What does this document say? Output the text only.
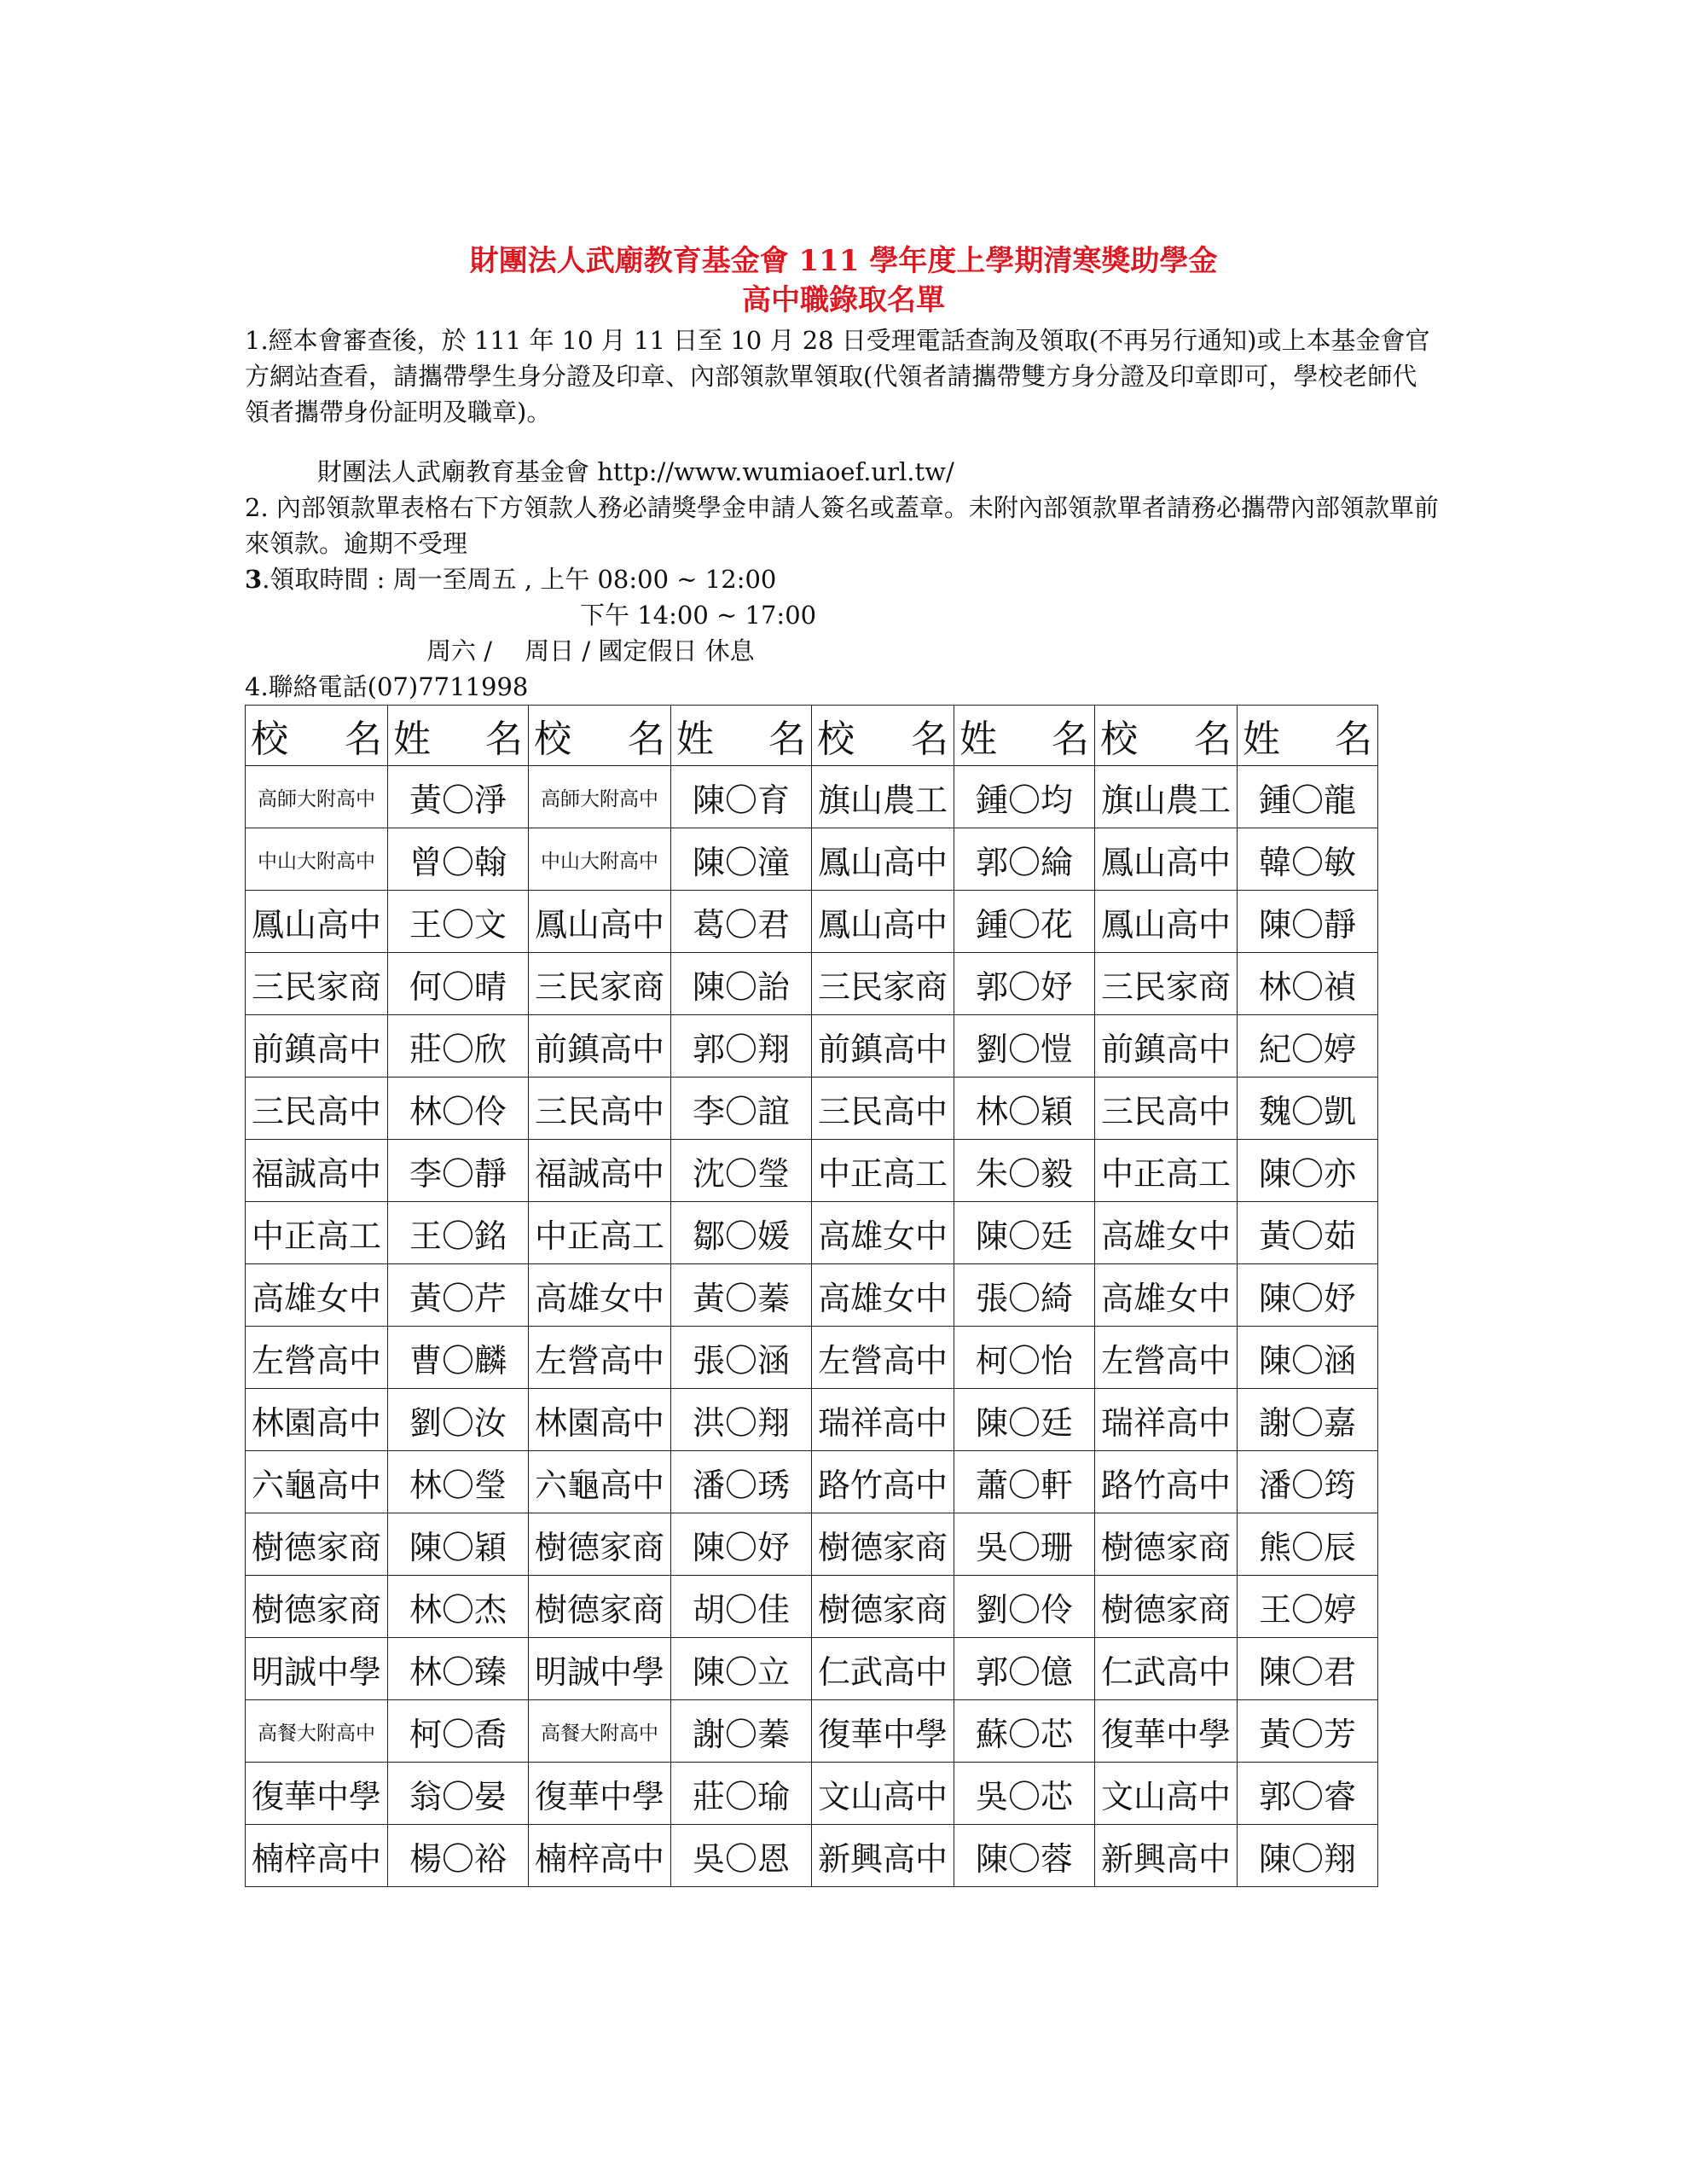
財團法人武廟教育基金會 111 學年度上學期清寒獎助學金
高中職錄取名單
1.經本會審查後，於 111 年 10 月 11 日至 10 月 28 日受理電話查詢及領取(不再另行通知)或上本基金會官方網站查看，請攜帶學生身分證及印章、內部領款單領取(代領者請攜帶雙方身分證及印章即可，學校老師代領者攜帶身份証明及職章)。
財團法人武廟教育基金會 http://www.wumiaoef.url.tw/
2. 內部領款單表格右下方領款人務必請獎學金申請人簽名或蓋章。未附內部領款單者請務必攜帶內部領款單前來領款。逾期不受理
3.領取時間 : 周一至周五 , 上午 08:00 ~ 12:00
下午 14:00 ~ 17:00
周六 /　 周日 / 國定假日 休息
4.聯絡電話(07)7711998
校 名	姓 名	校 名	姓 名	校 名	姓 名	校 名	姓 名

高師大附高中	黃〇淨	高師大附高中	陳〇育	旗山農工	鍾〇均	旗山農工	鍾〇龍
中山大附高中	曾〇翰	中山大附高中	陳〇潼	鳳山高中	郭〇綸	鳳山高中	韓〇敏
鳳山高中	王〇文	鳳山高中	葛〇君	鳳山高中	鍾〇花	鳳山高中	陳〇靜
三民家商	何〇晴	三民家商	陳〇詒	三民家商	郭〇妤	三民家商	林〇禎
前鎮高中	莊〇欣	前鎮高中	郭〇翔	前鎮高中	劉〇愷	前鎮高中	紀〇婷
三民高中	林〇伶	三民高中	李〇誼	三民高中	林〇穎	三民高中	魏〇凱
福誠高中	李〇靜	福誠高中	沈〇瑩	中正高工	朱〇毅	中正高工	陳〇亦
中正高工	王〇銘	中正高工	鄒〇媛	高雄女中	陳〇廷	高雄女中	黃〇茹
高雄女中	黃〇芹	高雄女中	黃〇蓁	高雄女中	張〇綺	高雄女中	陳〇妤
左營高中	曹〇麟	左營高中	張〇涵	左營高中	柯〇怡	左營高中	陳〇涵
林園高中	劉〇汝	林園高中	洪〇翔	瑞祥高中	陳〇廷	瑞祥高中	謝〇嘉
六龜高中	林〇瑩	六龜高中	潘〇琇	路竹高中	蕭〇軒	路竹高中	潘〇筠
樹德家商	陳〇穎	樹德家商	陳〇妤	樹德家商	吳〇珊	樹德家商	熊〇辰
樹德家商	林〇杰	樹德家商	胡〇佳	樹德家商	劉〇伶	樹德家商	王〇婷
明誠中學	林〇臻	明誠中學	陳〇立	仁武高中	郭〇億	仁武高中	陳〇君
高餐大附高中	柯〇喬	高餐大附高中	謝〇蓁	復華中學	蘇〇芯	復華中學	黃〇芳
復華中學	翁〇晏	復華中學	莊〇瑜	文山高中	吳〇芯	文山高中	郭〇睿
楠梓高中	楊〇裕	楠梓高中	吳〇恩	新興高中	陳〇蓉	新興高中	陳〇翔
